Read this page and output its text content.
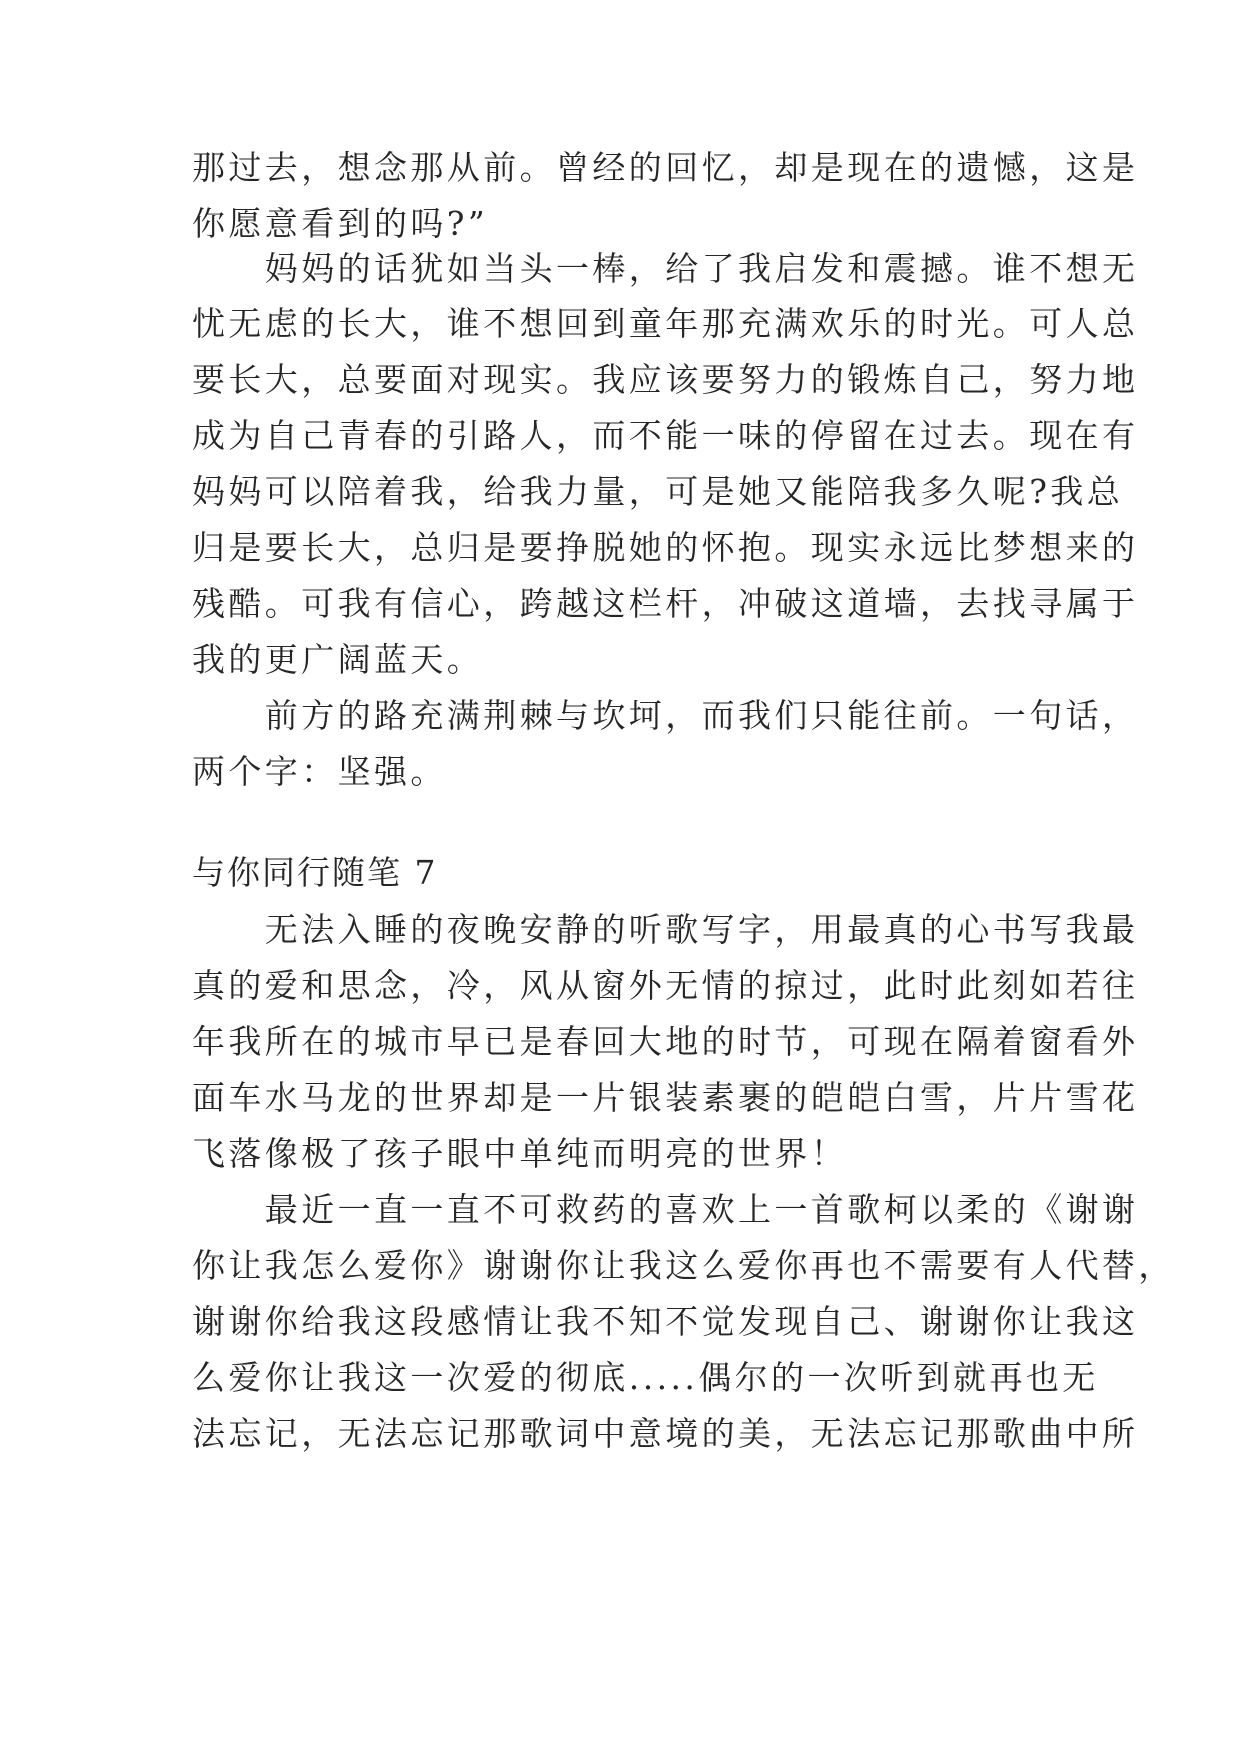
那过去，想念那从前。曾经的回忆，却是现在的遗憾，这是
你愿意看到的吗?”
　　妈妈的话犹如当头一棒，给了我启发和震撼。谁不想无
忧无虑的长大，谁不想回到童年那充满欢乐的时光。可人总
要长大，总要面对现实。我应该要努力的锻炼自己，努力地
成为自己青春的引路人，而不能一味的停留在过去。现在有
妈妈可以陪着我，给我力量，可是她又能陪我多久呢?我总
归是要长大，总归是要挣脱她的怀抱。现实永远比梦想来的
残酷。可我有信心，跨越这栏杆，冲破这道墙，去找寻属于
我的更广阔蓝天。
　　前方的路充满荆棘与坎坷，而我们只能往前。一句话，
两个字：坚强。
与你同行随笔 7
　　无法入睡的夜晚安静的听歌写字，用最真的心书写我最
真的爱和思念，冷，风从窗外无情的掠过，此时此刻如若往
年我所在的城市早已是春回大地的时节，可现在隔着窗看外
面车水马龙的世界却是一片银装素裹的皑皑白雪，片片雪花
飞落像极了孩子眼中单纯而明亮的世界！
　　最近一直一直不可救药的喜欢上一首歌柯以柔的《谢谢
你让我怎么爱你》谢谢你让我这么爱你再也不需要有人代替，
谢谢你给我这段感情让我不知不觉发现自己、谢谢你让我这
么爱你让我这一次爱的彻底.....偶尔的一次听到就再也无
法忘记，无法忘记那歌词中意境的美，无法忘记那歌曲中所
